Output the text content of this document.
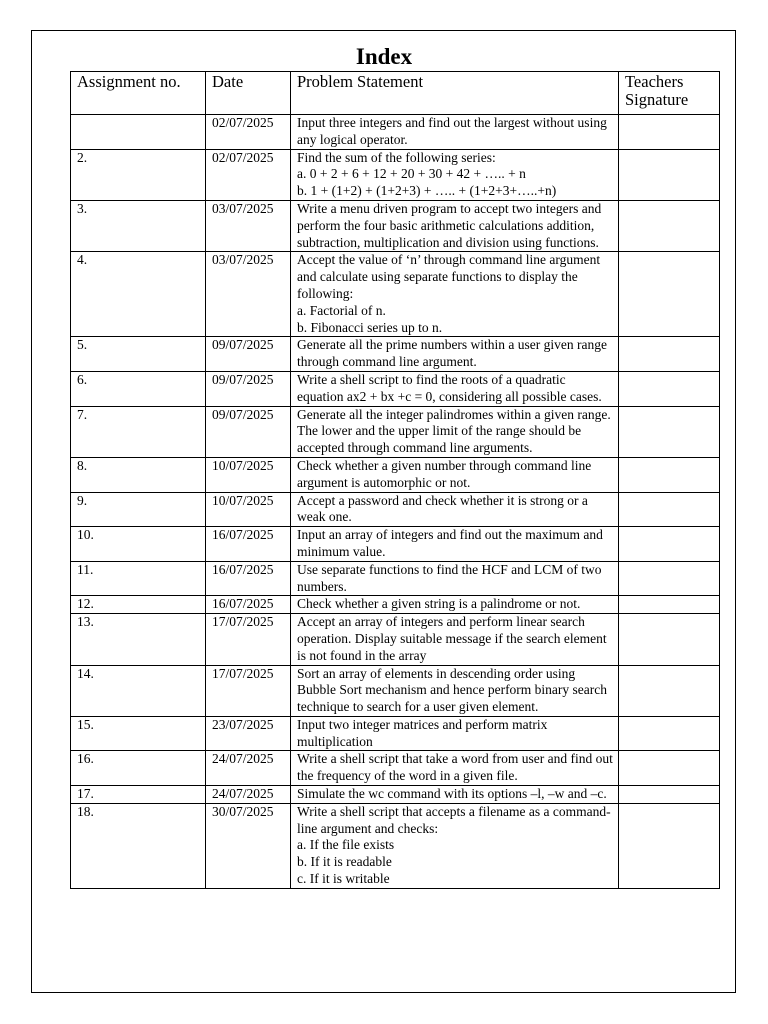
Index
Assignment no.	Date	Problem Statement	Teachers Signature
	02/07/2025	Input three integers and find out the largest without using any logical operator.	

2.	02/07/2025	Find the sum of the following series:
a. 0 + 2 + 6 + 12 + 20 + 30 + 42 + ….. + n
b. 1 + (1+2) + (1+2+3) + ….. + (1+2+3+…..+n)	

3.	03/07/2025	Write a menu driven program to accept two integers and perform the four basic arithmetic calculations addition, subtraction, multiplication and division using functions.	

4.	03/07/2025	Accept the value of ‘n’ through command line argument and calculate using separate functions to display the following:
a. Factorial of n.
b. Fibonacci series up to n.	

5.	09/07/2025	Generate all the prime numbers within a user given range through command line argument.	

6.	09/07/2025	Write a shell script to find the roots of a quadratic equation ax2 + bx +c = 0, considering all possible cases.	

7.	09/07/2025	Generate all the integer palindromes within a given range. The lower and the upper limit of the range should be accepted through command line arguments.	

8.	10/07/2025	Check whether a given number through command line argument is automorphic or not.	

9.	10/07/2025	Accept a password and check whether it is strong or a weak one.	

10.	16/07/2025	Input an array of integers and find out the maximum and minimum value.	

11.	16/07/2025	Use separate functions to find the HCF and LCM of two numbers.	

12.	16/07/2025	Check whether a given string is a palindrome or not.	

13.	17/07/2025	Accept an array of integers and perform linear search operation. Display suitable message if the search element is not found in the array	

14.	17/07/2025	Sort an array of elements in descending order using Bubble Sort mechanism and hence perform binary search technique to search for a user given element.	

15.	23/07/2025	Input two integer matrices and perform matrix multiplication	

16.	24/07/2025	Write a shell script that take a word from user and find out the frequency of the word in a given file.	

17.	24/07/2025	Simulate the wc command with its options –l, –w and –c.	

18.	30/07/2025	Write a shell script that accepts a filename as a command-line argument and checks:
a. If the file exists
b. If it is readable
c. If it is writable	
